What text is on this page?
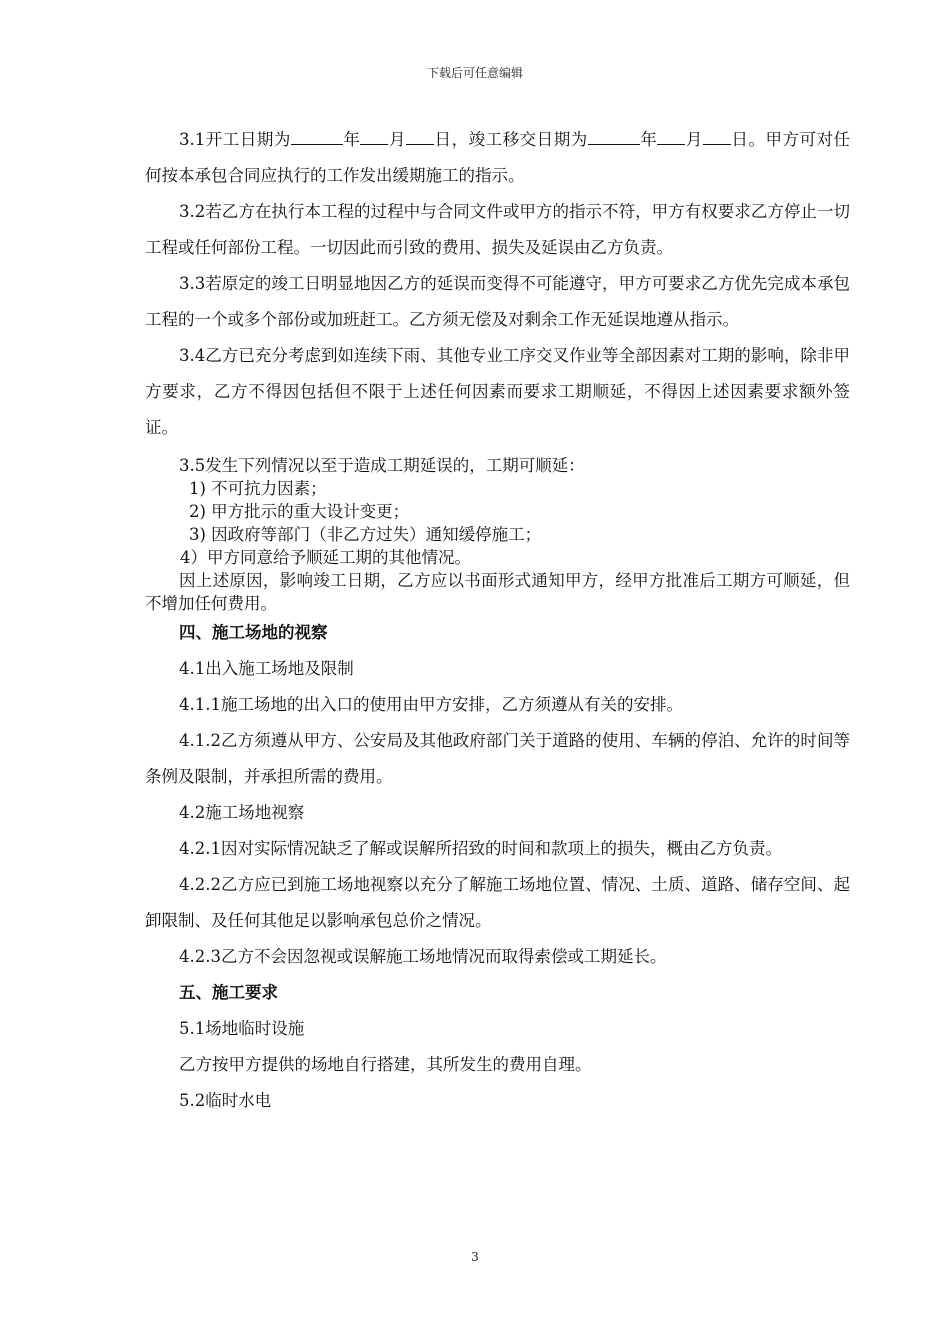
下载后可任意编辑

3.1开工日期为	年 月 日，竣工移交日期为	年 月 日。甲方可对任何按本承包合同应执行的工作发出缓期施工的指示。

3.2若乙方在执行本工程的过程中与合同文件或甲方的指示不符，甲方有权要求乙方停止一切工程或任何部份工程。一切因此而引致的费用、损失及延误由乙方负责。

3.3若原定的竣工日明显地因乙方的延误而变得不可能遵守，甲方可要求乙方优先完成本承包工程的一个或多个部份或加班赶工。乙方须无偿及对剩余工作无延误地遵从指示。

3.4乙方已充分考虑到如连续下雨、其他专业工序交叉作业等全部因素对工期的影响，除非甲方要求，乙方不得因包括但不限于上述任何因素而要求工期顺延，不得因上述因素要求额外签证。

3.5发生下列情况以至于造成工期延误的，工期可顺延：

1) 不可抗力因素；

2) 甲方批示的重大设计变更；

3) 因政府等部门（非乙方过失）通知缓停施工；

4）甲方同意给予顺延工期的其他情况。

因上述原因，影响竣工日期，乙方应以书面形式通知甲方，经甲方批准后工期方可顺延，但不增加任何费用。

四、施工场地的视察

4.1出入施工场地及限制

4.1.1施工场地的出入口的使用由甲方安排，乙方须遵从有关的安排。

4.1.2乙方须遵从甲方、公安局及其他政府部门关于道路的使用、车辆的停泊、允许的时间等条例及限制，并承担所需的费用。

4.2施工场地视察

4.2.1因对实际情况缺乏了解或误解所招致的时间和款项上的损失，概由乙方负责。

4.2.2乙方应已到施工场地视察以充分了解施工场地位置、情况、土质、道路、储存空间、起卸限制、及任何其他足以影响承包总价之情况。

4.2.3乙方不会因忽视或误解施工场地情况而取得索偿或工期延长。

五、施工要求

5.1场地临时设施

乙方按甲方提供的场地自行搭建，其所发生的费用自理。

5.2临时水电

3
